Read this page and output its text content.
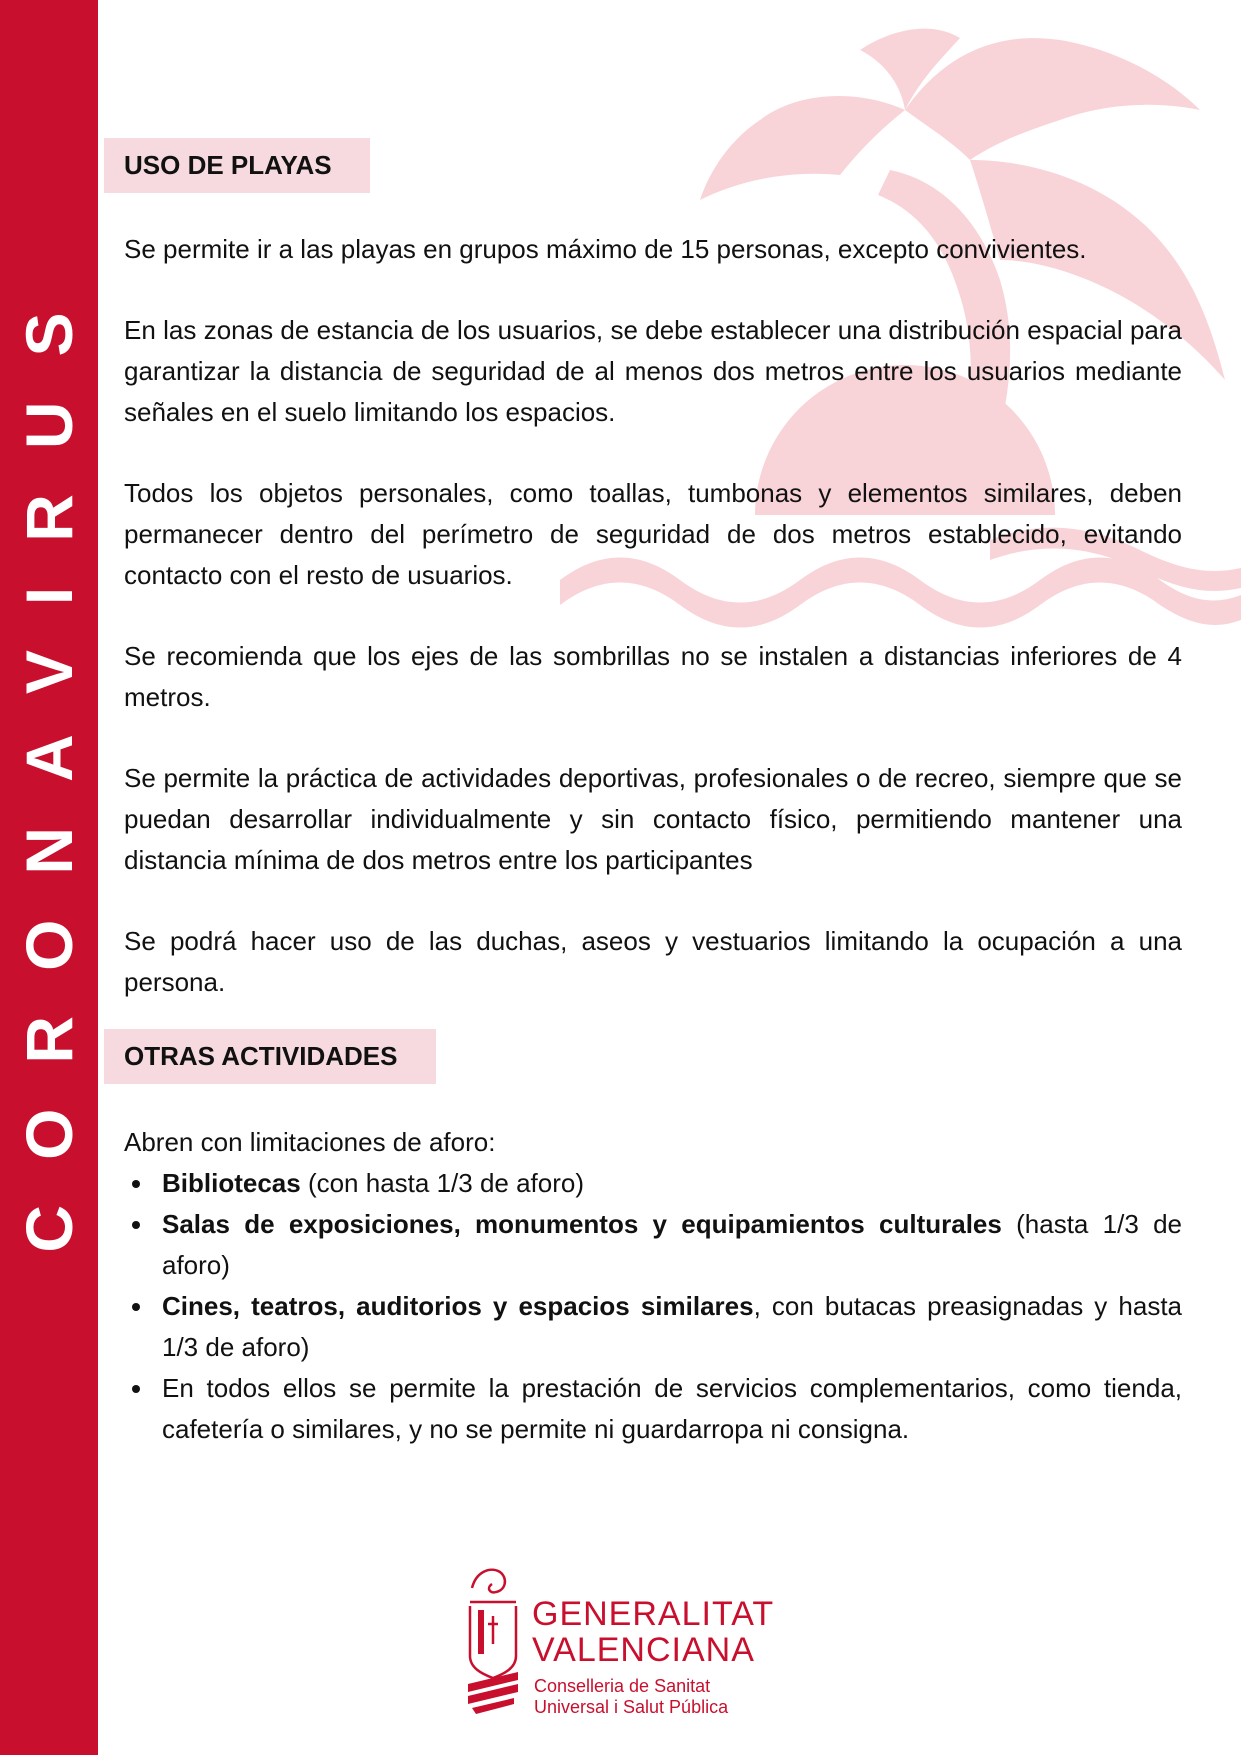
CORONAVIRUS
USO DE PLAYAS

Se permite ir a las playas en grupos máximo de 15 personas, excepto convivientes.

En las zonas de estancia de los usuarios, se debe establecer una distribución espacial para garantizar la distancia de seguridad de al menos dos metros entre los usuarios mediante señales en el suelo limitando los espacios.

Todos los objetos personales, como toallas, tumbonas y elementos similares, deben permanecer dentro del perímetro de seguridad de dos metros establecido, evitando contacto con el resto de usuarios.

Se recomienda que los ejes de las sombrillas no se instalen a distancias inferiores de 4 metros.

Se permite la práctica de actividades deportivas, profesionales o de recreo, siempre que se puedan desarrollar individualmente y sin contacto físico, permitiendo mantener una distancia mínima de dos metros entre los participantes

Se podrá hacer uso de las duchas, aseos y vestuarios limitando la ocupación a una persona.

OTRAS ACTIVIDADES

Abren con limitaciones de aforo:

Bibliotecas (con hasta 1/3 de aforo)
Salas de exposiciones, monumentos y equipamientos culturales (hasta 1/3 de aforo)
Cines, teatros, auditorios y espacios similares, con butacas preasignadas y hasta 1/3 de aforo)
En todos ellos se permite la prestación de servicios complementarios, como tienda, cafetería o similares, y no se permite ni guardarropa ni consigna.
GENERALITAT
VALENCIANA
Conselleria de Sanitat
Universal i Salut Pública
